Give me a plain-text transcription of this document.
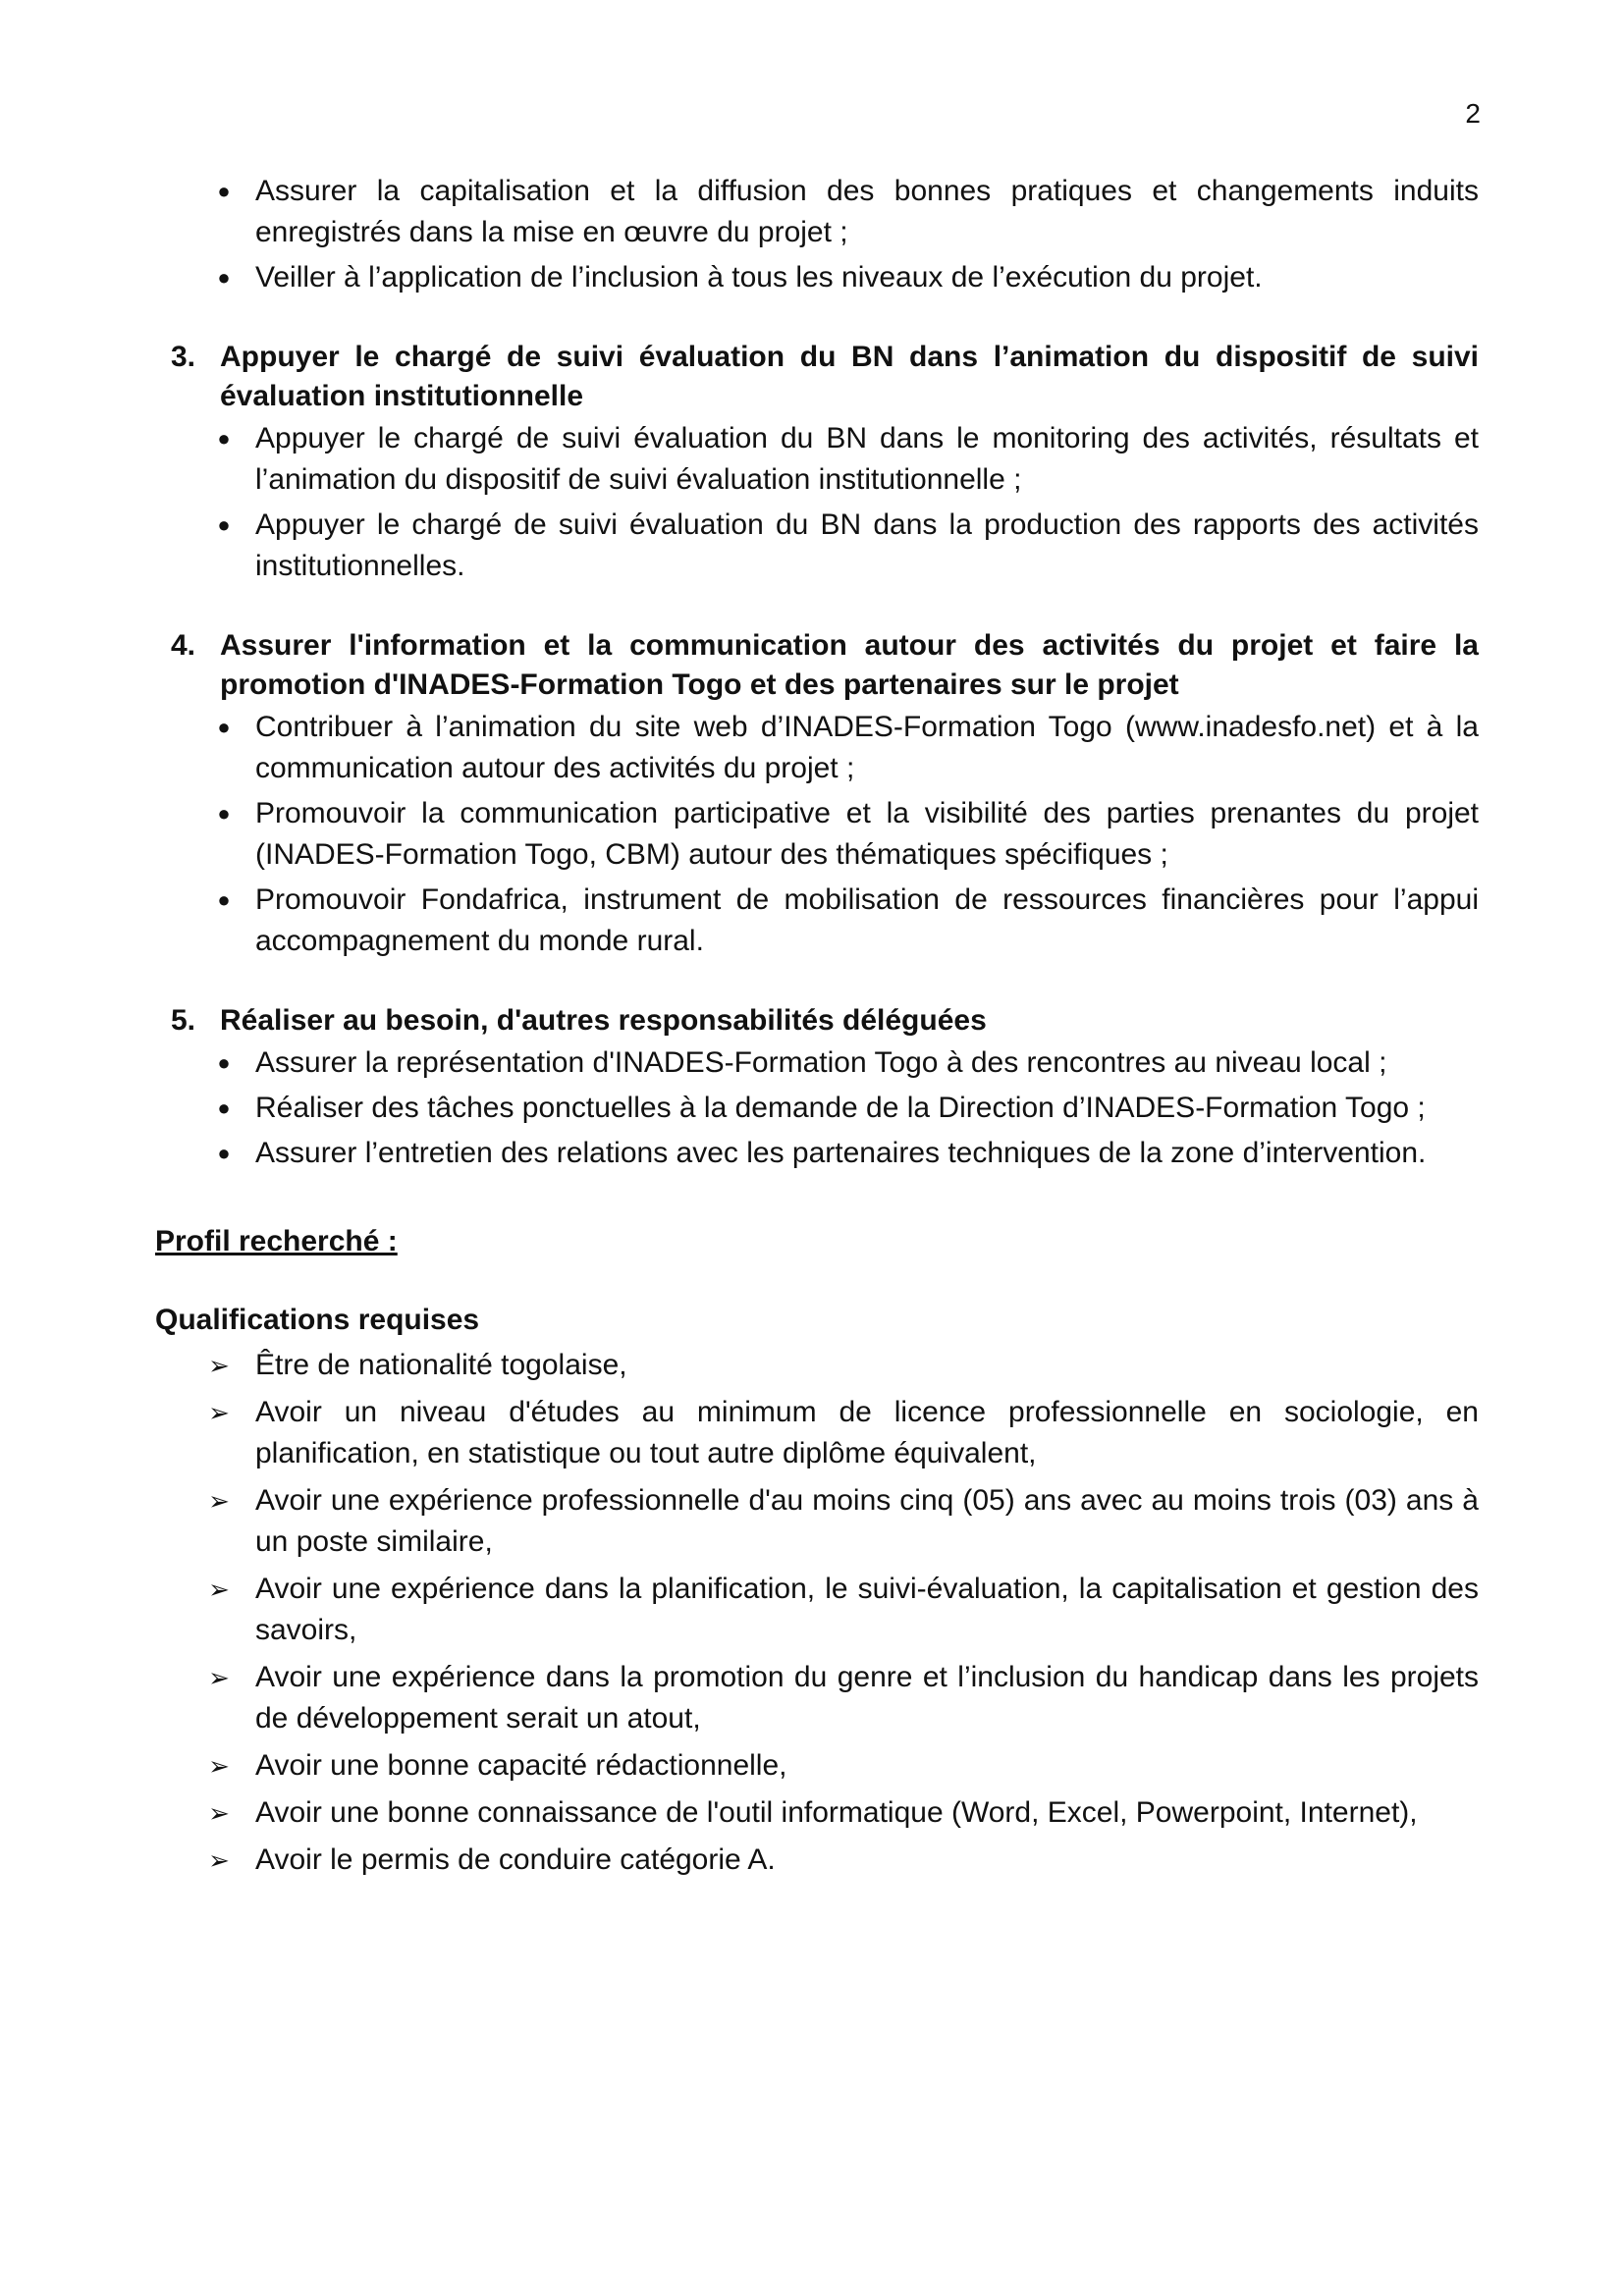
2
● Assurer la capitalisation et la diffusion des bonnes pratiques et changements induits enregistrés dans la mise en œuvre du projet ;
● Veiller à l’application de l’inclusion à tous les niveaux de l’exécution du projet.
3. Appuyer le chargé de suivi évaluation du BN dans l’animation du dispositif de suivi évaluation institutionnelle
● Appuyer le chargé de suivi évaluation du BN dans le monitoring des activités, résultats et l’animation du dispositif de suivi évaluation institutionnelle ;
● Appuyer le chargé de suivi évaluation du BN dans la production des rapports des activités institutionnelles.
4. Assurer l'information et la communication autour des activités du projet et faire la promotion d'INADES-Formation Togo et des partenaires sur le projet
● Contribuer à l’animation du site web d’INADES-Formation Togo (www.inadesfo.net) et à la communication autour des activités du projet ;
● Promouvoir la communication participative et la visibilité des parties prenantes du projet (INADES-Formation Togo, CBM) autour des thématiques spécifiques ;
● Promouvoir Fondafrica, instrument de mobilisation de ressources financières pour l’appui accompagnement du monde rural.
5. Réaliser au besoin, d'autres responsabilités déléguées
● Assurer la représentation d'INADES-Formation Togo à des rencontres au niveau local ;
● Réaliser des tâches ponctuelles à la demande de la Direction d’INADES-Formation Togo ;
● Assurer l’entretien des relations avec les partenaires techniques de la zone d’intervention.
Profil recherché :
Qualifications requises
➢ Être de nationalité togolaise,
➢ Avoir un niveau d'études au minimum de licence professionnelle en sociologie, en planification, en statistique ou tout autre diplôme équivalent,
➢ Avoir une expérience professionnelle d'au moins cinq (05) ans avec au moins trois (03) ans à un poste similaire,
➢ Avoir une expérience dans la planification, le suivi-évaluation, la capitalisation et gestion des savoirs,
➢ Avoir une expérience dans la promotion du genre et l’inclusion du handicap dans les projets de développement serait un atout,
➢ Avoir une bonne capacité rédactionnelle,
➢ Avoir une bonne connaissance de l'outil informatique (Word, Excel, Powerpoint, Internet),
➢ Avoir le permis de conduire catégorie A.
